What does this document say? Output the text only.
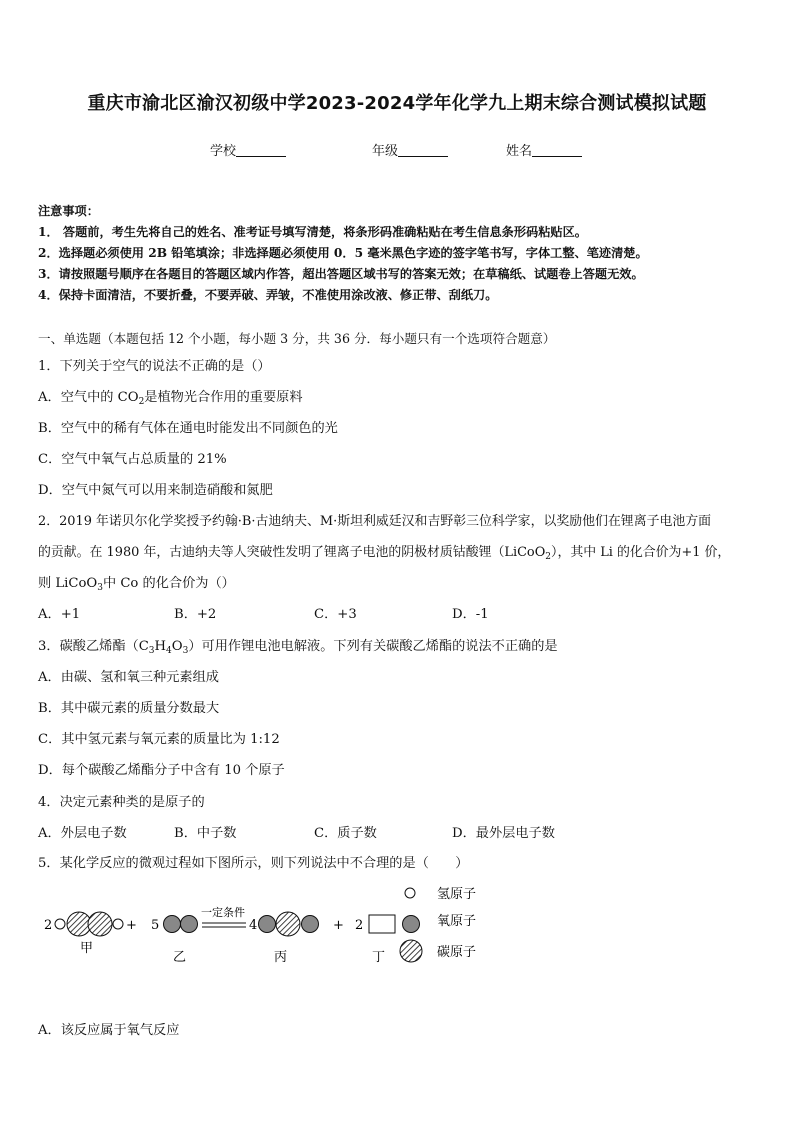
重庆市渝北区渝汉初级中学2023-2024学年化学九上期末综合测试模拟试题
学校	年级	姓名
注意事项：
1． 答题前，考生先将自己的姓名、准考证号填写清楚，将条形码准确粘贴在考生信息条形码粘贴区。
2．选择题必须使用 2B 铅笔填涂；非选择题必须使用 0．5 毫米黑色字迹的签字笔书写，字体工整、笔迹清楚。
3．请按照题号顺序在各题目的答题区域内作答，超出答题区域书写的答案无效；在草稿纸、试题卷上答题无效。
4．保持卡面清洁，不要折叠，不要弄破、弄皱，不准使用涂改液、修正带、刮纸刀。
一、单选题（本题包括 12 个小题，每小题 3 分，共 36 分．每小题只有一个选项符合题意）
1．下列关于空气的说法不正确的是（）
A．空气中的 $CO_2$是植物光合作用的重要原料
B．空气中的稀有气体在通电时能发出不同颜色的光
C．空气中氧气占总质量的 21%
D．空气中氮气可以用来制造硝酸和氮肥
2．2019 年诺贝尔化学奖授予约翰·B·古迪纳夫、M·斯坦利威廷汉和吉野彰三位科学家，以奖励他们在锂离子电池方面
的贡献。在 1980 年，古迪纳夫等人突破性发明了锂离子电池的阴极材质钴酸锂（LiCoO$_2$），其中 Li 的化合价为+1 价，
则 LiCoO$_3$中 Co 的化合价为（）
A．+1	B．+2	C．+3	D．-1
3．碳酸乙烯酯$(C_3H_4O_3)$可用作锂电池电解液。下列有关碳酸乙烯酯的说法不正确的是
A．由碳、氢和氧三种元素组成
B．其中碳元素的质量分数最大
C．其中氢元素与氧元素的质量比为 1:12
D．每个碳酸乙烯酯分子中含有 10 个原子
4．决定元素种类的是原子的
A．外层电子数	B．中子数	C．质子数	D．最外层电子数
5．某化学反应的微观过程如下图所示，则下列说法中不合理的是（　　）
2	+
甲
5
乙
一定条件
4
丙
+ 2
丁
氢原子
氧原子
碳原子
A．该反应属于氧气反应
